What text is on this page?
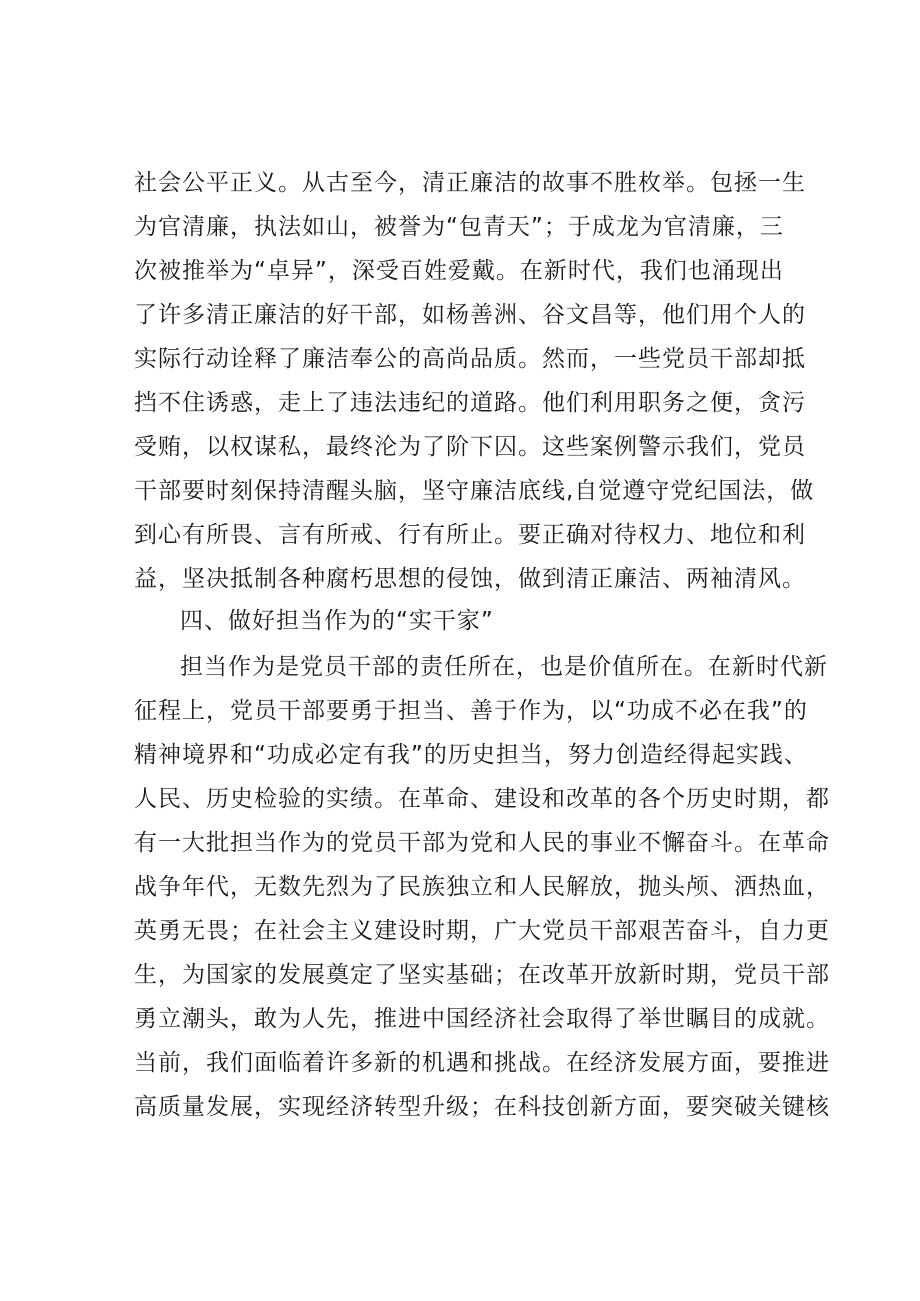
社会公平正义。从古至今，清正廉洁的故事不胜枚举。包拯一生
为官清廉，执法如山，被誉为“包青天”；于成龙为官清廉，三
次被推举为“卓异”，深受百姓爱戴。在新时代，我们也涌现出
了许多清正廉洁的好干部，如杨善洲、谷文昌等，他们用个人的
实际行动诠释了廉洁奉公的高尚品质。然而，一些党员干部却抵
挡不住诱惑，走上了违法违纪的道路。他们利用职务之便，贪污
受贿，以权谋私，最终沦为了阶下囚。这些案例警示我们，党员
干部要时刻保持清醒头脑，坚守廉洁底线,自觉遵守党纪国法，做
到心有所畏、言有所戒、行有所止。要正确对待权力、地位和利
益，坚决抵制各种腐朽思想的侵蚀，做到清正廉洁、两袖清风。
四、做好担当作为的“实干家”
担当作为是党员干部的责任所在，也是价值所在。在新时代新
征程上，党员干部要勇于担当、善于作为，以“功成不必在我”的
精神境界和“功成必定有我”的历史担当，努力创造经得起实践、
人民、历史检验的实绩。在革命、建设和改革的各个历史时期，都
有一大批担当作为的党员干部为党和人民的事业不懈奋斗。在革命
战争年代，无数先烈为了民族独立和人民解放，抛头颅、洒热血，
英勇无畏；在社会主义建设时期，广大党员干部艰苦奋斗，自力更
生，为国家的发展奠定了坚实基础；在改革开放新时期，党员干部
勇立潮头，敢为人先，推进中国经济社会取得了举世瞩目的成就。
当前，我们面临着许多新的机遇和挑战。在经济发展方面，要推进
高质量发展，实现经济转型升级；在科技创新方面，要突破关键核
